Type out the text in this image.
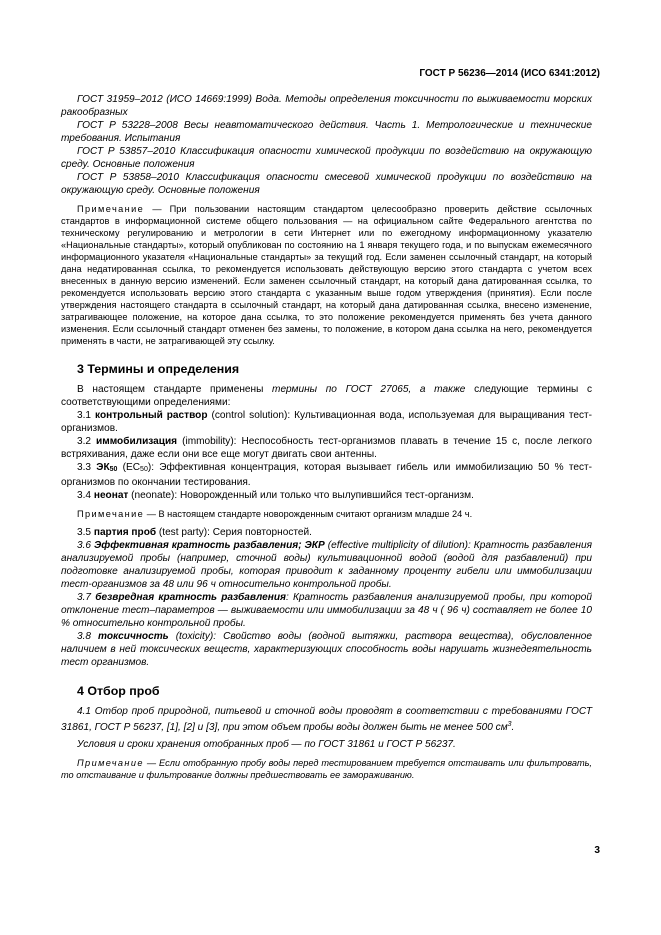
ГОСТ Р 56236—2014 (ИСО 6341:2012)

ГОСТ 31959–2012 (ИСО 14669:1999) Вода. Методы определения токсичности по выживаемости морских ракообразных

ГОСТ Р 53228–2008 Весы неавтоматического действия. Часть 1. Метрологические и технические требования. Испытания

ГОСТ Р 53857–2010 Классификация опасности химической продукции по воздействию на окружающую среду. Основные положения

ГОСТ Р 53858–2010 Классификация опасности смесевой химической продукции по воздействию на окружающую среду. Основные положения

Примечание — При пользовании настоящим стандартом целесообразно проверить действие ссылочных стандартов в информационной системе общего пользования — на официальном сайте Федерального агентства по техническому регулированию и метрологии в сети Интернет или по ежегодному информационному указателю «Национальные стандарты», который опубликован по состоянию на 1 января текущего года, и по выпускам ежемесячного информационного указателя «Национальные стандарты» за текущий год. Если заменен ссылочный стандарт, на который дана недатированная ссылка, то рекомендуется использовать действующую версию этого стандарта с учетом всех внесенных в данную версию изменений. Если заменен ссылочный стандарт, на который дана датированная ссылка, то рекомендуется использовать версию этого стандарта с указанным выше годом утверждения (принятия). Если после утверждения настоящего стандарта в ссылочный стандарт, на который дана датированная ссылка, внесено изменение, затрагивающее положение, на которое дана ссылка, то это положение рекомендуется применять без учета данного изменения. Если ссылочный стандарт отменен без замены, то положение, в котором дана ссылка на него, рекомендуется применять в части, не затрагивающей эту ссылку.

3 Термины и определения

В настоящем стандарте применены термины по ГОСТ 27065, а также следующие термины с соответствующими определениями:

3.1 контрольный раствор (control solution): Культивационная вода, используемая для выращивания тест-организмов.

3.2 иммобилизация (immobility): Неспособность тест-организмов плавать в течение 15 с, после легкого встряхивания, даже если они все еще могут двигать свои антенны.

3.3 ЭК50 (EC50): Эффективная концентрация, которая вызывает гибель или иммобилизацию 50 % тест-организмов по окончании тестирования.

3.4 неонат (neonate): Новорожденный или только что вылупившийся тест-организм.

Примечание — В настоящем стандарте новорожденным считают организм младше 24 ч.

3.5 партия проб (test party): Серия повторностей.

3.6 Эффективная кратность разбавления; ЭКР (effective multiplicity of dilution): Кратность разбавления анализируемой пробы (например, сточной воды) культивационной водой (водой для разбавлений) при подготовке анализируемой пробы, которая приводит к заданному проценту гибели или иммобилизации тест-организмов за 48 или 96 ч относительно контрольной пробы.

3.7 безвредная кратность разбавления: Кратность разбавления анализируемой пробы, при которой отклонение тест–параметров — выживаемости или иммобилизации за 48 ч ( 96 ч) составляет не более 10 % относительно контрольной пробы.

3.8 токсичность (toxicity): Свойство воды (водной вытяжки, раствора вещества), обусловленное наличием в ней токсических веществ, характеризующих способность воды нарушать жизнедеятельность тест организмов.

4 Отбор проб

4.1 Отбор проб природной, питьевой и сточной воды проводят в соответствии с требованиями ГОСТ 31861, ГОСТ Р 56237, [1], [2] и [3], при этом объем пробы воды должен быть не менее 500 $см^3$.

Условия и сроки хранения отобранных проб — по ГОСТ 31861 и ГОСТ Р 56237.

Примечание — Если отобранную пробу воды перед тестированием требуется отстаивать или фильтровать, то отстаивание и фильтрование должны предшествовать ее замораживанию.

3
